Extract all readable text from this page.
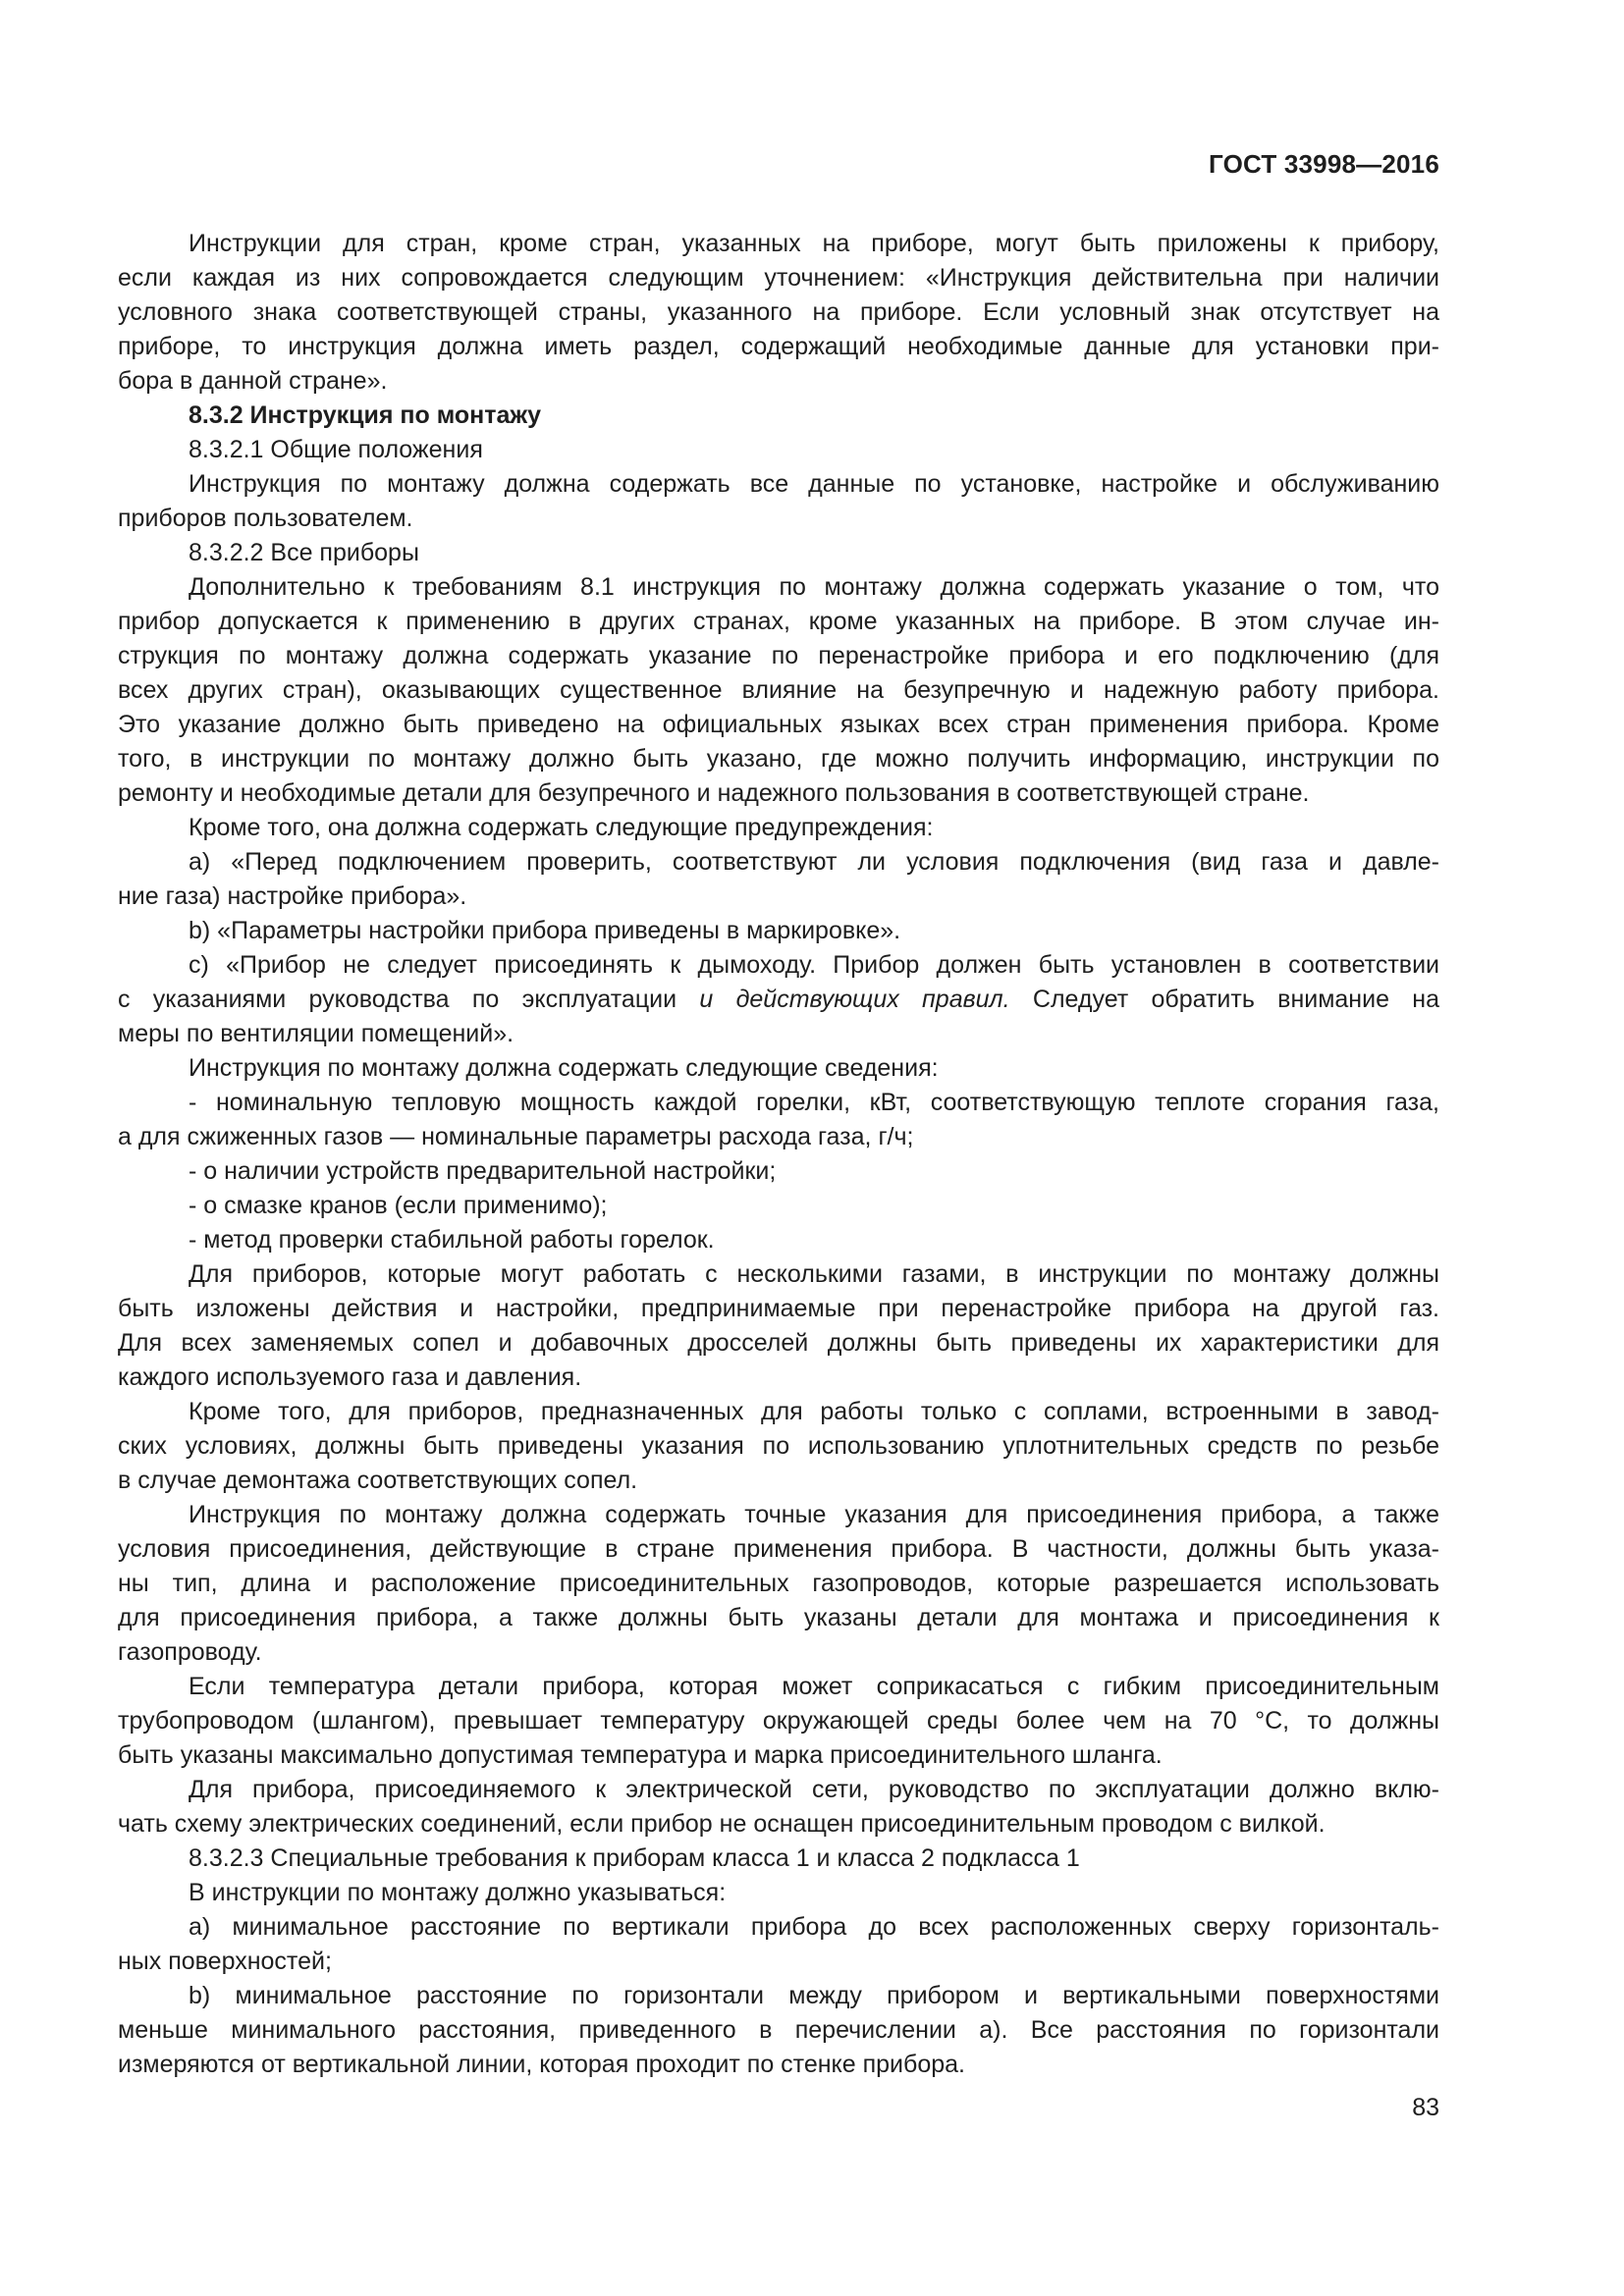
ГОСТ 33998—2016
Инструкции для стран, кроме стран, указанных на приборе, могут быть приложены к прибору,
если каждая из них сопровождается следующим уточнением: «Инструкция действительна при наличии
условного знака соответствующей страны, указанного на приборе. Если условный знак отсутствует на
приборе, то инструкция должна иметь раздел, содержащий необходимые данные для установки при-
бора в данной стране».
8.3.2 Инструкция по монтажу
8.3.2.1 Общие положения
Инструкция по монтажу должна содержать все данные по установке, настройке и обслуживанию
приборов пользователем.
8.3.2.2 Все приборы
Дополнительно к требованиям 8.1 инструкция по монтажу должна содержать указание о том, что
прибор допускается к применению в других странах, кроме указанных на приборе. В этом случае ин-
струкция по монтажу должна содержать указание по перенастройке прибора и его подключению (для
всех других стран), оказывающих существенное влияние на безупречную и надежную работу прибора.
Это указание должно быть приведено на официальных языках всех стран применения прибора. Кроме
того, в инструкции по монтажу должно быть указано, где можно получить информацию, инструкции по
ремонту и необходимые детали для безупречного и надежного пользования в соответствующей стране.
Кроме того, она должна содержать следующие предупреждения:
a) «Перед подключением проверить, соответствуют ли условия подключения (вид газа и давле-
ние газа) настройке прибора».
b) «Параметры настройки прибора приведены в маркировке».
c) «Прибор не следует присоединять к дымоходу. Прибор должен быть установлен в соответствии
с указаниями руководства по эксплуатации и действующих правил. Следует обратить внимание на
меры по вентиляции помещений».
Инструкция по монтажу должна содержать следующие сведения:
- номинальную тепловую мощность каждой горелки, кВт, соответствующую теплоте сгорания газа,
а для сжиженных газов — номинальные параметры расхода газа, г/ч;
- о наличии устройств предварительной настройки;
- о смазке кранов (если применимо);
- метод проверки стабильной работы горелок.
Для приборов, которые могут работать с несколькими газами, в инструкции по монтажу должны
быть изложены действия и настройки, предпринимаемые при перенастройке прибора на другой газ.
Для всех заменяемых сопел и добавочных дросселей должны быть приведены их характеристики для
каждого используемого газа и давления.
Кроме того, для приборов, предназначенных для работы только с соплами, встроенными в завод-
ских условиях, должны быть приведены указания по использованию уплотнительных средств по резьбе
в случае демонтажа соответствующих сопел.
Инструкция по монтажу должна содержать точные указания для присоединения прибора, а также
условия присоединения, действующие в стране применения прибора. В частности, должны быть указа-
ны тип, длина и расположение присоединительных газопроводов, которые разрешается использовать
для присоединения прибора, а также должны быть указаны детали для монтажа и присоединения к
газопроводу.
Если температура детали прибора, которая может соприкасаться с гибким присоединительным
трубопроводом (шлангом), превышает температуру окружающей среды более чем на 70 °С, то должны
быть указаны максимально допустимая температура и марка присоединительного шланга.
Для прибора, присоединяемого к электрической сети, руководство по эксплуатации должно вклю-
чать схему электрических соединений, если прибор не оснащен присоединительным проводом с вилкой.
8.3.2.3 Специальные требования к приборам класса 1 и класса 2 подкласса 1
В инструкции по монтажу должно указываться:
a) минимальное расстояние по вертикали прибора до всех расположенных сверху горизонталь-
ных поверхностей;
b) минимальное расстояние по горизонтали между прибором и вертикальными поверхностями
меньше минимального расстояния, приведенного в перечислении a). Все расстояния по горизонтали
измеряются от вертикальной линии, которая проходит по стенке прибора.
83
